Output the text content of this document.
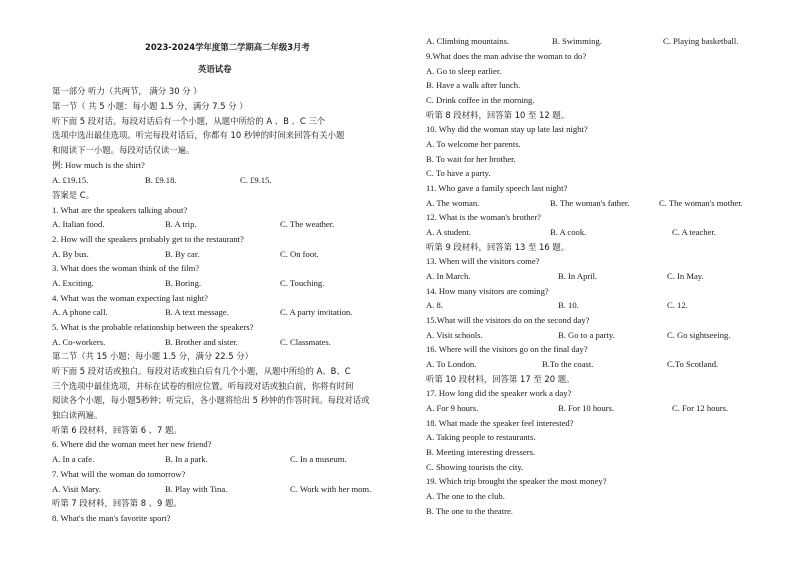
2023-2024学年度第二学期高二年级3月考
英语试卷
第一部分 听力（共两节， 满分 30 分 ）
第一节（ 共 5 小题：每小题 1.5 分，满分 7.5 分 ）
听下面 5 段对话。每段对话后有一个小题，从题中所给的 A 、B 、C 三个
选项中选出最佳选项。听完每段对话后，你都有 10 秒钟的时间来回答有关小题
和阅读下一小题。每段对话仅读一遍。
例: How much is the shirt?
A. £19.15.	B. £9.18.	C. £9.15.
答案是 C。
1. What are the speakers talking about?
A. Italian food.	B. A trip.	C. The weather.
2. How will the speakers probably get to the restaurant?
A. By bus.	B. By car.	C. On foot.
3. What does the woman think of the film?
A. Exciting.	B. Boring.	C. Touching.
4. What was the woman expecting last night?
A. A phone call.	B. A text message.	C. A party invitation.
5. What is the probable relationship between the speakers?
A. Co-workers.	B. Brother and sister.	C. Classmates.
第二节（共 15 小题；每小题 1.5 分，满分 22.5 分）
听下面 5 段对话或独白。每段对话或独白后有几个小题，从题中所给的 A、B、C
三个选项中最佳选项，并标在试卷的相应位置。听每段对话或独白前，你将有时间
阅读各个小题，每小题5秒钟；听完后，各小题将给出 5 秒钟的作答时间。每段对话或
独白读两遍。
听第 6 段材料，回答第 6 、7 题。
6. Where did the woman meet her new friend?
A. In a cafe.	B. In a park.	C. In a museum.
7. What will the woman do tomorrow?
A. Visit Mary.	B. Play with Tina.	C. Work with her mom.
听第 7 段材料，回答第 8 、9 题。
8. What's the man's favorite sport?
A. Climbing mountains.	B. Swimming.	C. Playing basketball.
9.What does the man advise the woman to do?
A. Go to sleep earlier.
B. Have a walk after lunch.
C. Drink coffee in the morning.
听第 8 段材料，回答第 10 至 12 题。
10. Why did the woman stay up late last night?
A. To welcome her parents.
B. To wait for her brother.
C. To have a party.
11. Who gave a family speech last night?
A. The woman.	B. The woman's father.	C. The woman's mother.
12. What is the woman's brother?
A. A student.	B. A cook.	C. A teacher.
听第 9 段材料，回答第 13 至 16 题。
13. When will the visitors come?
A. In March.	B. In April.	C. In May.
14. How many visitors are coming?
A. 8.	B. 10.	C. 12.
15.What will the visitors do on the second day?
A. Visit schools.	B. Go to a party.	C. Go sightseeing.
16. Where will the visitors go on the final day?
A. To London.	B.To the coast.	C.To Scotland.
听第 10 段材料，回答第 17 至 20 题。
17. How long did the speaker work a day?
A. For 9 hours.	B. For 10 hours.	C. For 12 hours.
18. What made the speaker feel interested?
A. Taking people to restaurants.
B. Meeting interesting dressers.
C. Showing tourists the city.
19. Which trip brought the speaker the most money?
A. The one to the club.
B. The one to the theatre.
